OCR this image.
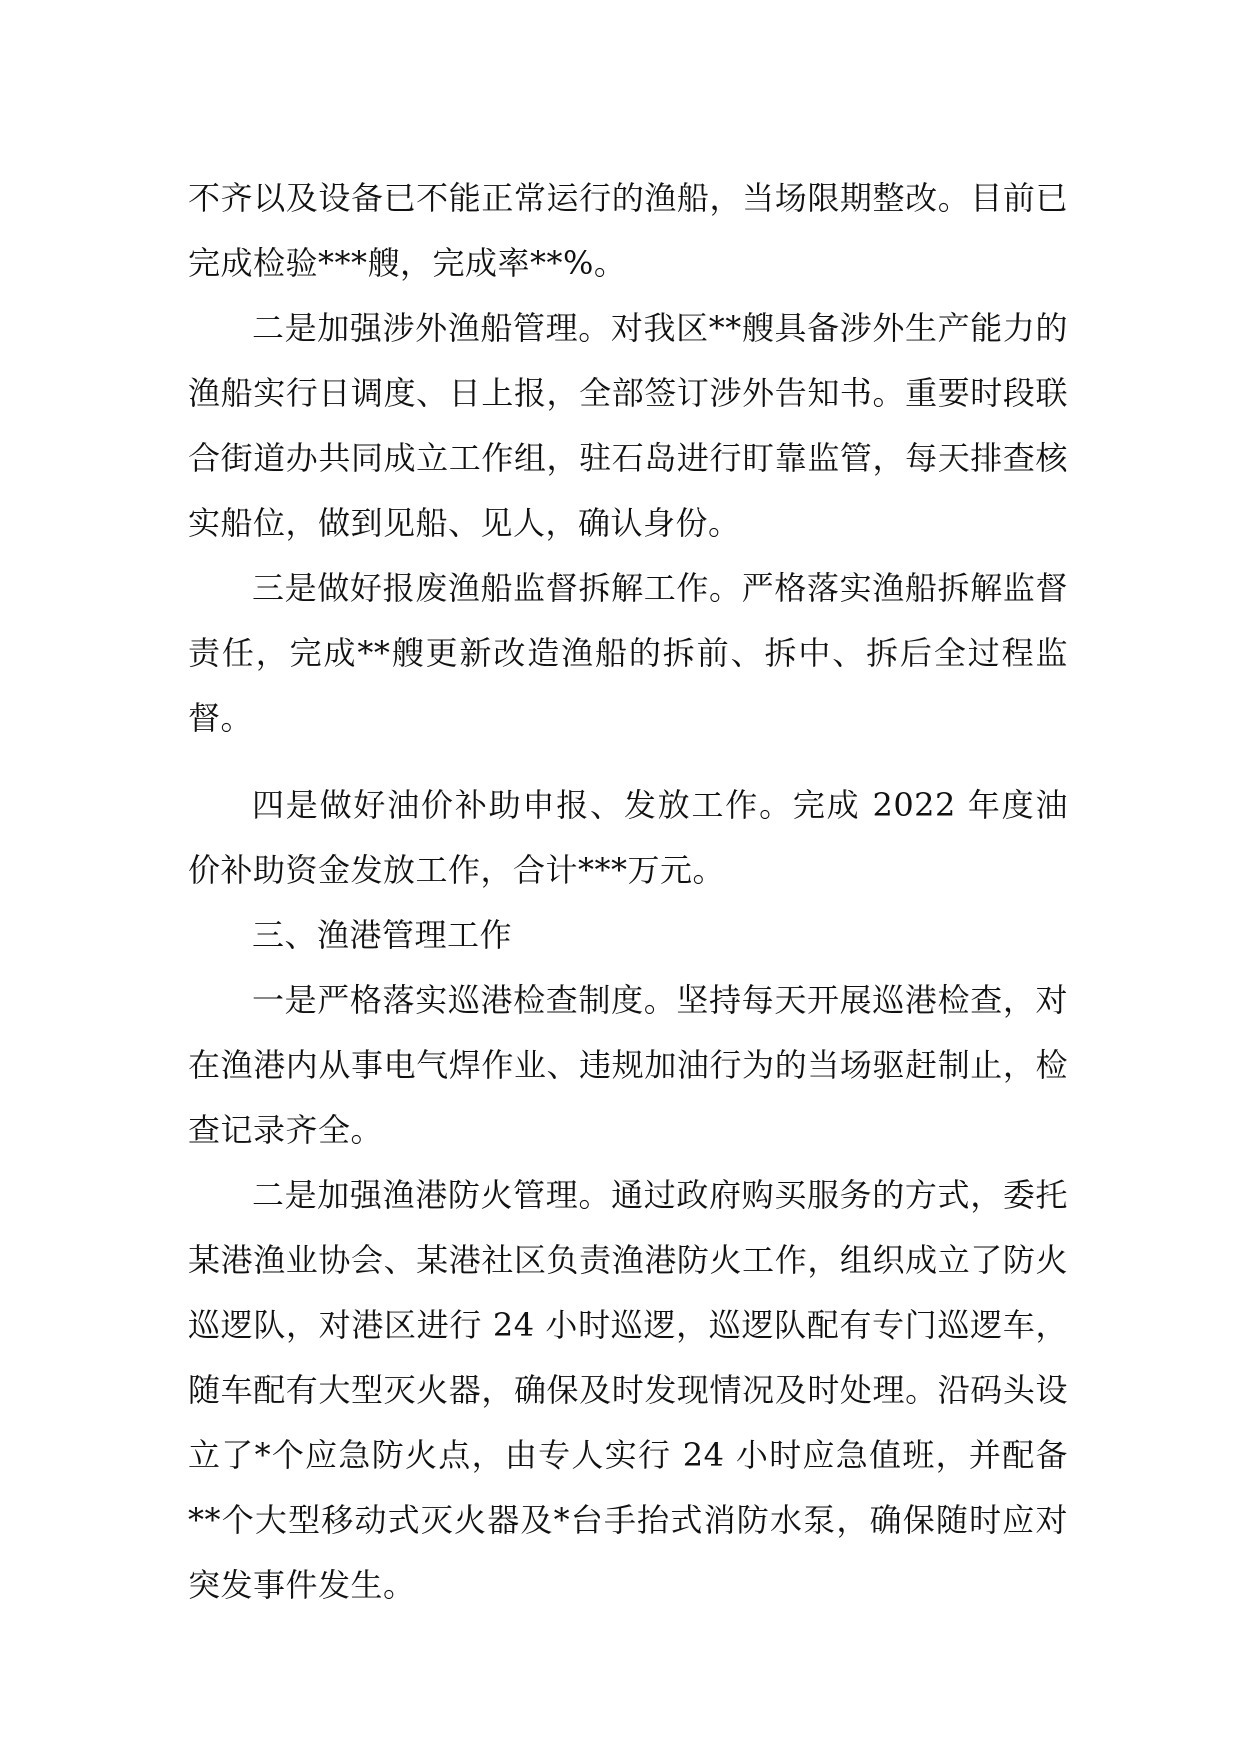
不齐以及设备已不能正常运行的渔船，当场限期整改。目前已完成检验***艘，完成率**%。

二是加强涉外渔船管理。对我区**艘具备涉外生产能力的渔船实行日调度、日上报，全部签订涉外告知书。重要时段联合街道办共同成立工作组，驻石岛进行盯靠监管，每天排查核实船位，做到见船、见人，确认身份。

三是做好报废渔船监督拆解工作。严格落实渔船拆解监督责任，完成**艘更新改造渔船的拆前、拆中、拆后全过程监督。

四是做好油价补助申报、发放工作。完成 2022 年度油价补助资金发放工作，合计***万元。

三、渔港管理工作

一是严格落实巡港检查制度。坚持每天开展巡港检查，对在渔港内从事电气焊作业、违规加油行为的当场驱赶制止，检查记录齐全。

二是加强渔港防火管理。通过政府购买服务的方式，委托某港渔业协会、某港社区负责渔港防火工作，组织成立了防火巡逻队，对港区进行 24 小时巡逻，巡逻队配有专门巡逻车，随车配有大型灭火器，确保及时发现情况及时处理。沿码头设立了*个应急防火点，由专人实行 24 小时应急值班，并配备**个大型移动式灭火器及*台手抬式消防水泵，确保随时应对突发事件发生。
